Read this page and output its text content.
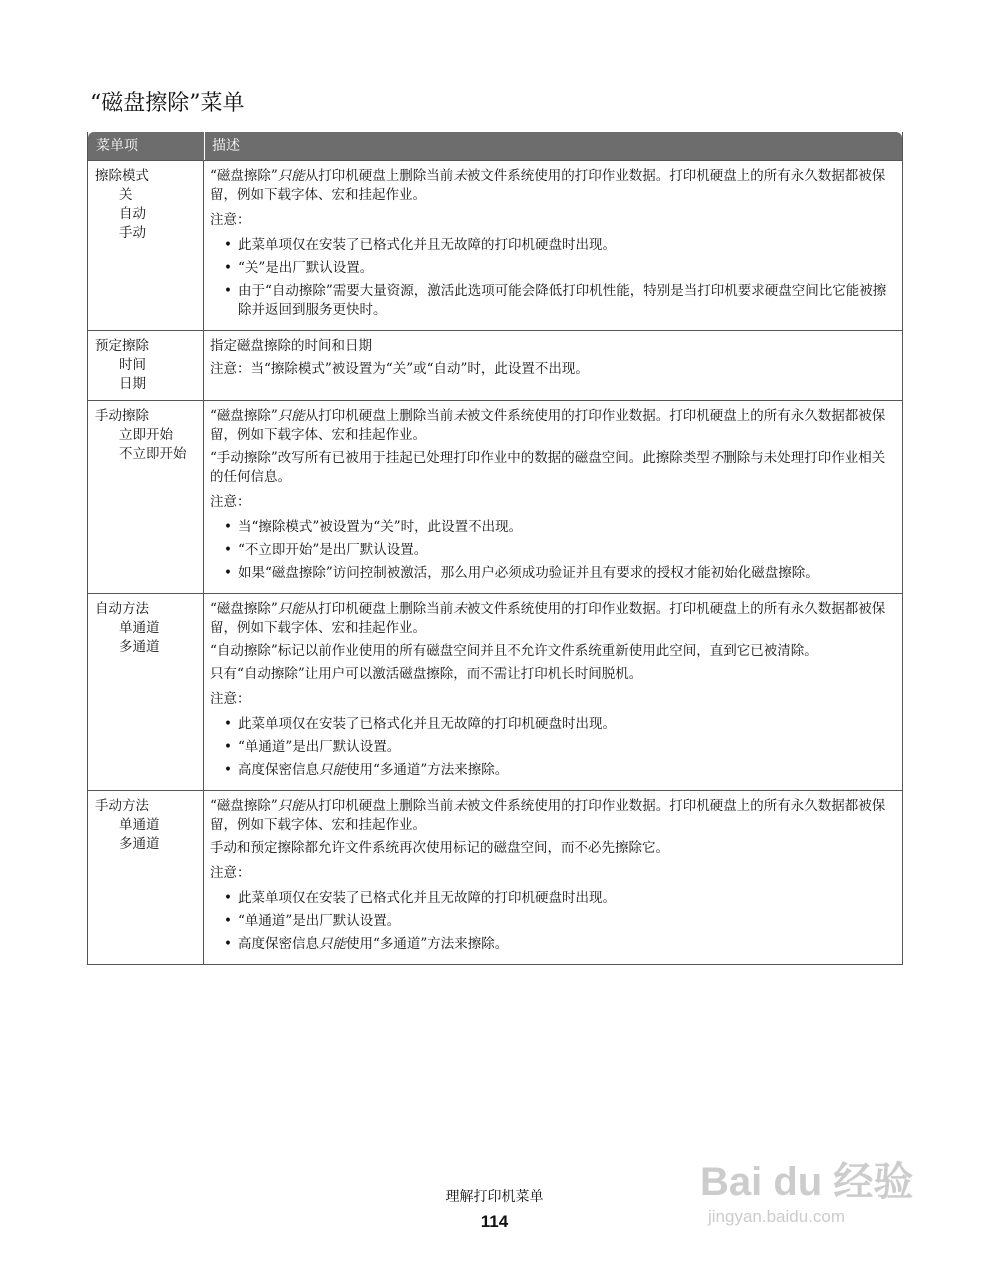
“磁盘擦除”菜单
菜单项	描述
擦除模式
关
自动
手动
“磁盘擦除”只能从打印机硬盘上删除当前未被文件系统使用的打印作业数据。打印机硬盘上的所有永久数据都被保留，例如下载字体、宏和挂起作业。
注意：
• 此菜单项仅在安装了已格式化并且无故障的打印机硬盘时出现。
• “关”是出厂默认设置。
• 由于“自动擦除”需要大量资源，激活此选项可能会降低打印机性能，特别是当打印机要求硬盘空间比它能被擦除并返回到服务更快时。
预定擦除
时间
日期
指定磁盘擦除的时间和日期
注意：当“擦除模式”被设置为“关”或“自动”时，此设置不出现。
手动擦除
立即开始
不立即开始
“磁盘擦除”只能从打印机硬盘上删除当前未被文件系统使用的打印作业数据。打印机硬盘上的所有永久数据都被保留，例如下载字体、宏和挂起作业。
“手动擦除”改写所有已被用于挂起已处理打印作业中的数据的磁盘空间。此擦除类型不删除与未处理打印作业相关的任何信息。
注意：
• 当“擦除模式”被设置为“关”时，此设置不出现。
• “不立即开始”是出厂默认设置。
• 如果“磁盘擦除”访问控制被激活，那么用户必须成功验证并且有要求的授权才能初始化磁盘擦除。
自动方法
单通道
多通道
“磁盘擦除”只能从打印机硬盘上删除当前未被文件系统使用的打印作业数据。打印机硬盘上的所有永久数据都被保留，例如下载字体、宏和挂起作业。
“自动擦除”标记以前作业使用的所有磁盘空间并且不允许文件系统重新使用此空间，直到它已被清除。
只有“自动擦除”让用户可以激活磁盘擦除，而不需让打印机长时间脱机。
注意：
• 此菜单项仅在安装了已格式化并且无故障的打印机硬盘时出现。
• “单通道”是出厂默认设置。
• 高度保密信息只能使用“多通道”方法来擦除。
手动方法
单通道
多通道
“磁盘擦除”只能从打印机硬盘上删除当前未被文件系统使用的打印作业数据。打印机硬盘上的所有永久数据都被保留，例如下载字体、宏和挂起作业。
手动和预定擦除都允许文件系统再次使用标记的磁盘空间，而不必先擦除它。
注意：
• 此菜单项仅在安装了已格式化并且无故障的打印机硬盘时出现。
• “单通道”是出厂默认设置。
• 高度保密信息只能使用“多通道”方法来擦除。
理解打印机菜单
114
Bai du 经验
jingyan.baidu.com
